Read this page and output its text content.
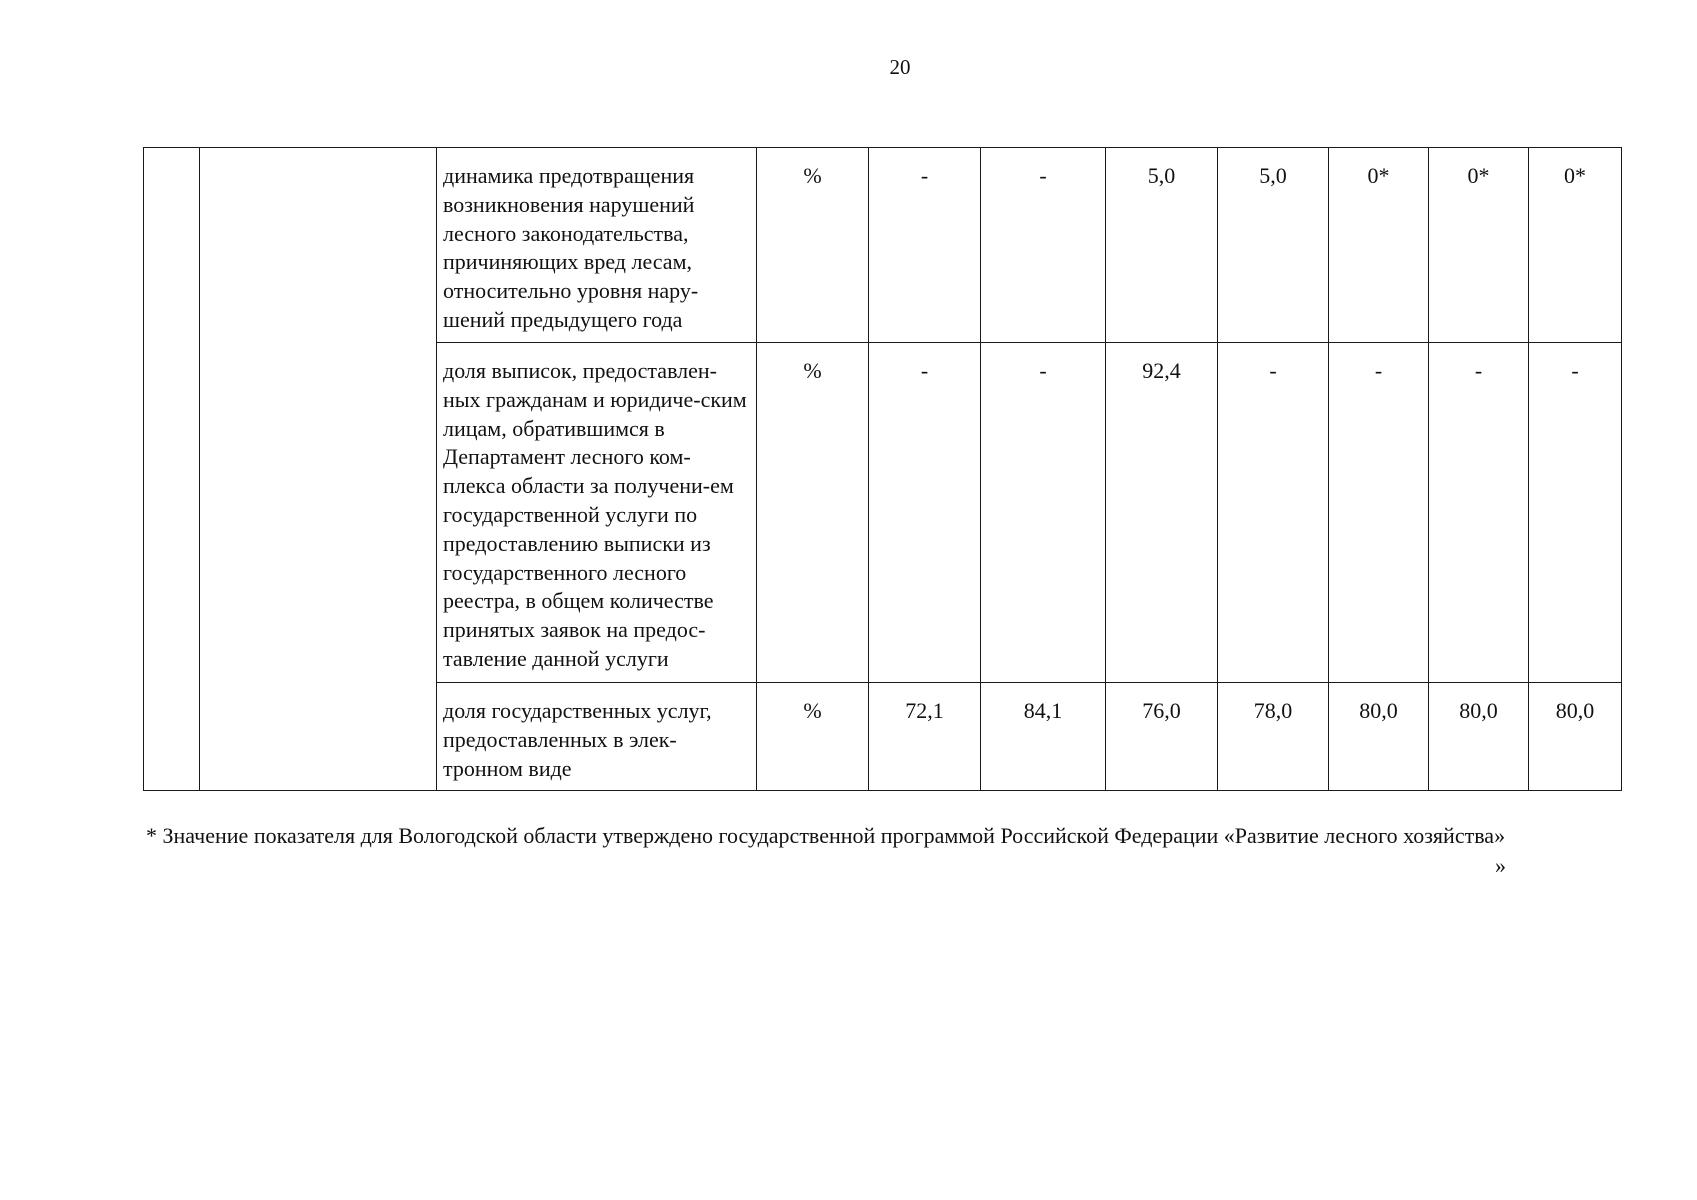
20
		динамика предотвращения возникновения нарушений лесного законодательства, причиняющих вред лесам, относительно уровня нару-шений предыдущего года	%	-	-	5,0	5,0	0*	0*	0*
		доля выписок, предоставлен-ных гражданам и юридиче-ским лицам, обратившимся в Департамент лесного ком-плекса области за получени-ем государственной услуги по предоставлению выписки из государственного лесного реестра, в общем количестве принятых заявок на предос-тавление данной услуги	%	-	-	92,4	-	-	-	-
		доля государственных услуг, предоставленных в элек-тронном виде	%	72,1	84,1	76,0	78,0	80,0	80,0	80,0
* Значение показателя для Вологодской области утверждено государственной программой Российской Федерации «Развитие лесного хозяйства»
»
